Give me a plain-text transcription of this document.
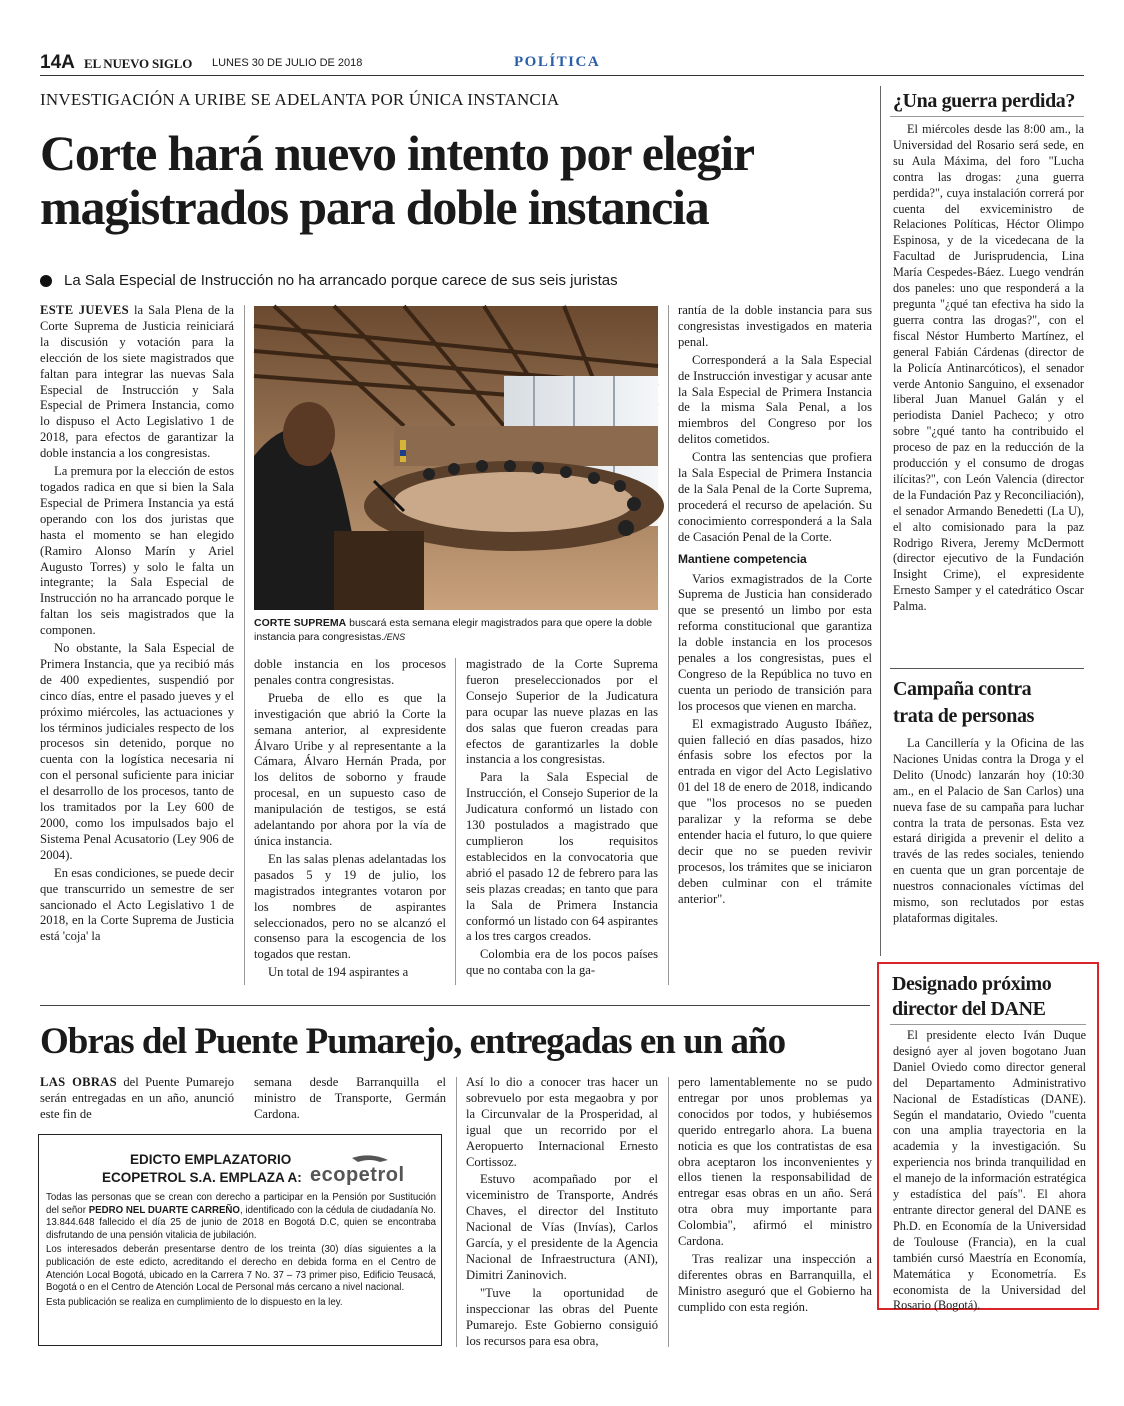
14A EL NUEVO SIGLO LUNES 30 DE JULIO DE 2018	POLÍTICA
INVESTIGACIÓN A URIBE SE ADELANTA POR ÚNICA INSTANCIA
Corte hará nuevo intento por elegir magistrados para doble instancia
La Sala Especial de Instrucción no ha arrancado porque carece de sus seis juristas

ESTE JUEVES la Sala Plena de la Corte Suprema de Justicia reiniciará la discusión y votación para la elección de los siete magistrados que faltan para integrar las nuevas Sala Especial de Instrucción y Sala Especial de Primera Instancia, como lo dispuso el Acto Legislativo 1 de 2018, para efectos de garantizar la doble instancia a los congresistas.

La premura por la elección de estos togados radica en que si bien la Sala Especial de Primera Instancia ya está operando con los dos juristas que hasta el momento se han elegido (Ramiro Alonso Marín y Ariel Augusto Torres) y solo le falta un integrante; la Sala Especial de Instrucción no ha arrancado porque le faltan los seis magistrados que la componen.

No obstante, la Sala Especial de Primera Instancia, que ya recibió más de 400 expedientes, suspendió por cinco días, entre el pasado jueves y el próximo miércoles, las actuaciones y los términos judiciales respecto de los procesos sin detenido, porque no cuenta con la logística necesaria ni con el personal suficiente para iniciar el desarrollo de los procesos, tanto de los tramitados por la Ley 600 de 2000, como los impulsados bajo el Sistema Penal Acusatorio (Ley 906 de 2004).

En esas condiciones, se puede decir que transcurrido un semestre de ser sancionado el Acto Legislativo 1 de 2018, en la Corte Suprema de Justicia está 'coja' la

CORTE SUPREMA buscará esta semana elegir magistrados para que opere la doble instancia para congresistas./ENS

doble instancia en los procesos penales contra congresistas.

Prueba de ello es que la investigación que abrió la Corte la semana anterior, al expresidente Álvaro Uribe y al representante a la Cámara, Álvaro Hernán Prada, por los delitos de soborno y fraude procesal, en un supuesto caso de manipulación de testigos, se está adelantando por ahora por la vía de única instancia.

En las salas plenas adelantadas los pasados 5 y 19 de julio, los magistrados integrantes votaron por los nombres de aspirantes seleccionados, pero no se alcanzó el consenso para la escogencia de los togados que restan.

Un total de 194 aspirantes a

magistrado de la Corte Suprema fueron preseleccionados por el Consejo Superior de la Judicatura para ocupar las nueve plazas en las dos salas que fueron creadas para efectos de garantizarles la doble instancia a los congresistas.

Para la Sala Especial de Instrucción, el Consejo Superior de la Judicatura conformó un listado con 130 postulados a magistrado que cumplieron los requisitos establecidos en la convocatoria que abrió el pasado 12 de febrero para las seis plazas creadas; en tanto que para la Sala de Primera Instancia conformó un listado con 64 aspirantes a los tres cargos creados.

Colombia era de los pocos países que no contaba con la ga-

rantía de la doble instancia para sus congresistas investigados en materia penal.

Corresponderá a la Sala Especial de Instrucción investigar y acusar ante la Sala Especial de Primera Instancia de la misma Sala Penal, a los miembros del Congreso por los delitos cometidos.

Contra las sentencias que profiera la Sala Especial de Primera Instancia de la Sala Penal de la Corte Suprema, procederá el recurso de apelación. Su conocimiento corresponderá a la Sala de Casación Penal de la Corte.

Mantiene competencia

Varios exmagistrados de la Corte Suprema de Justicia han considerado que se presentó un limbo por esta reforma constitucional que garantiza la doble instancia en los procesos penales a los congresistas, pues el Congreso de la República no tuvo en cuenta un periodo de transición para los procesos que vienen en marcha.

El exmagistrado Augusto Ibáñez, quien falleció en días pasados, hizo énfasis sobre los efectos por la entrada en vigor del Acto Legislativo 01 del 18 de enero de 2018, indicando que "los procesos no se pueden paralizar y la reforma se debe entender hacia el futuro, lo que quiere decir que no se pueden revivir procesos, los trámites que se iniciaron deben culminar con el trámite anterior".

¿Una guerra perdida?

El miércoles desde las 8:00 am., la Universidad del Rosario será sede, en su Aula Máxima, del foro "Lucha contra las drogas: ¿una guerra perdida?", cuya instalación correrá por cuenta del exviceministro de Relaciones Políticas, Héctor Olimpo Espinosa, y de la vicedecana de la Facultad de Jurisprudencia, Lina María Cespedes-Báez. Luego vendrán dos paneles: uno que responderá a la pregunta "¿qué tan efectiva ha sido la guerra contra las drogas?", con el fiscal Néstor Humberto Martínez, el general Fabián Cárdenas (director de la Policía Antinarcóticos), el senador verde Antonio Sanguino, el exsenador liberal Juan Manuel Galán y el periodista Daniel Pacheco; y otro sobre "¿qué tanto ha contribuido el proceso de paz en la reducción de la producción y el consumo de drogas ilícitas?", con León Valencia (director de la Fundación Paz y Reconciliación), el senador Armando Benedetti (La U), el alto comisionado para la paz Rodrigo Rivera, Jeremy McDermott (director ejecutivo de la Fundación Insight Crime), el expresidente Ernesto Samper y el catedrático Oscar Palma.

Campaña contra trata de personas

La Cancillería y la Oficina de las Naciones Unidas contra la Droga y el Delito (Unodc) lanzarán hoy (10:30 am., en el Palacio de San Carlos) una nueva fase de su campaña para luchar contra la trata de personas. Esta vez estará dirigida a prevenir el delito a través de las redes sociales, teniendo en cuenta que un gran porcentaje de nuestros connacionales víctimas del mismo, son reclutados por estas plataformas digitales.

Designado próximo director del DANE

El presidente electo Iván Duque designó ayer al joven bogotano Juan Daniel Oviedo como director general del Departamento Administrativo Nacional de Estadísticas (DANE). Según el mandatario, Oviedo "cuenta con una amplia trayectoria en la academia y la investigación. Su experiencia nos brinda tranquilidad en el manejo de la información estratégica y estadística del país". El ahora entrante director general del DANE es Ph.D. en Economía de la Universidad de Toulouse (Francia), en la cual también cursó Maestría en Economía, Matemática y Econometría. Es economista de la Universidad del Rosario (Bogotá).

Obras del Puente Pumarejo, entregadas en un año

LAS OBRAS del Puente Pumarejo serán entregadas en un año, anunció este fin de

semana desde Barranquilla el ministro de Transporte, Germán Cardona.

Así lo dio a conocer tras hacer un sobrevuelo por esta megaobra y por la Circunvalar de la Prosperidad, al igual que un recorrido por el Aeropuerto Internacional Ernesto Cortissoz.

Estuvo acompañado por el viceministro de Transporte, Andrés Chaves, el director del Instituto Nacional de Vías (Invías), Carlos García, y el presidente de la Agencia Nacional de Infraestructura (ANI), Dimitri Zaninovich.

"Tuve la oportunidad de inspeccionar las obras del Puente Pumarejo. Este Gobierno consiguió los recursos para esa obra,

pero lamentablemente no se pudo entregar por unos problemas ya conocidos por todos, y hubiésemos querido entregarlo ahora. La buena noticia es que los contratistas de esa obra aceptaron los inconvenientes y ellos tienen la responsabilidad de entregar esas obras en un año. Será otra obra muy importante para Colombia", afirmó el ministro Cardona.

Tras realizar una inspección a diferentes obras en Barranquilla, el Ministro aseguró que el Gobierno ha cumplido con esta región.

EDICTO EMPLAZATORIO
ECOPETROL S.A. EMPLAZA A: ecopetrol

Todas las personas que se crean con derecho a participar en la Pensión por Sustitución del señor PEDRO NEL DUARTE CARREÑO, identificado con la cédula de ciudadanía No. 13.844.648 fallecido el día 25 de junio de 2018 en Bogotá D.C, quien se encontraba disfrutando de una pensión vitalicia de jubilación.

Los interesados deberán presentarse dentro de los treinta (30) días siguientes a la publicación de este edicto, acreditando el derecho en debida forma en el Centro de Atención Local Bogotá, ubicado en la Carrera 7 No. 37 – 73 primer piso, Edificio Teusacá, Bogotá o en el Centro de Atención Local de Personal más cercano a nivel nacional.

Esta publicación se realiza en cumplimiento de lo dispuesto en la ley.
